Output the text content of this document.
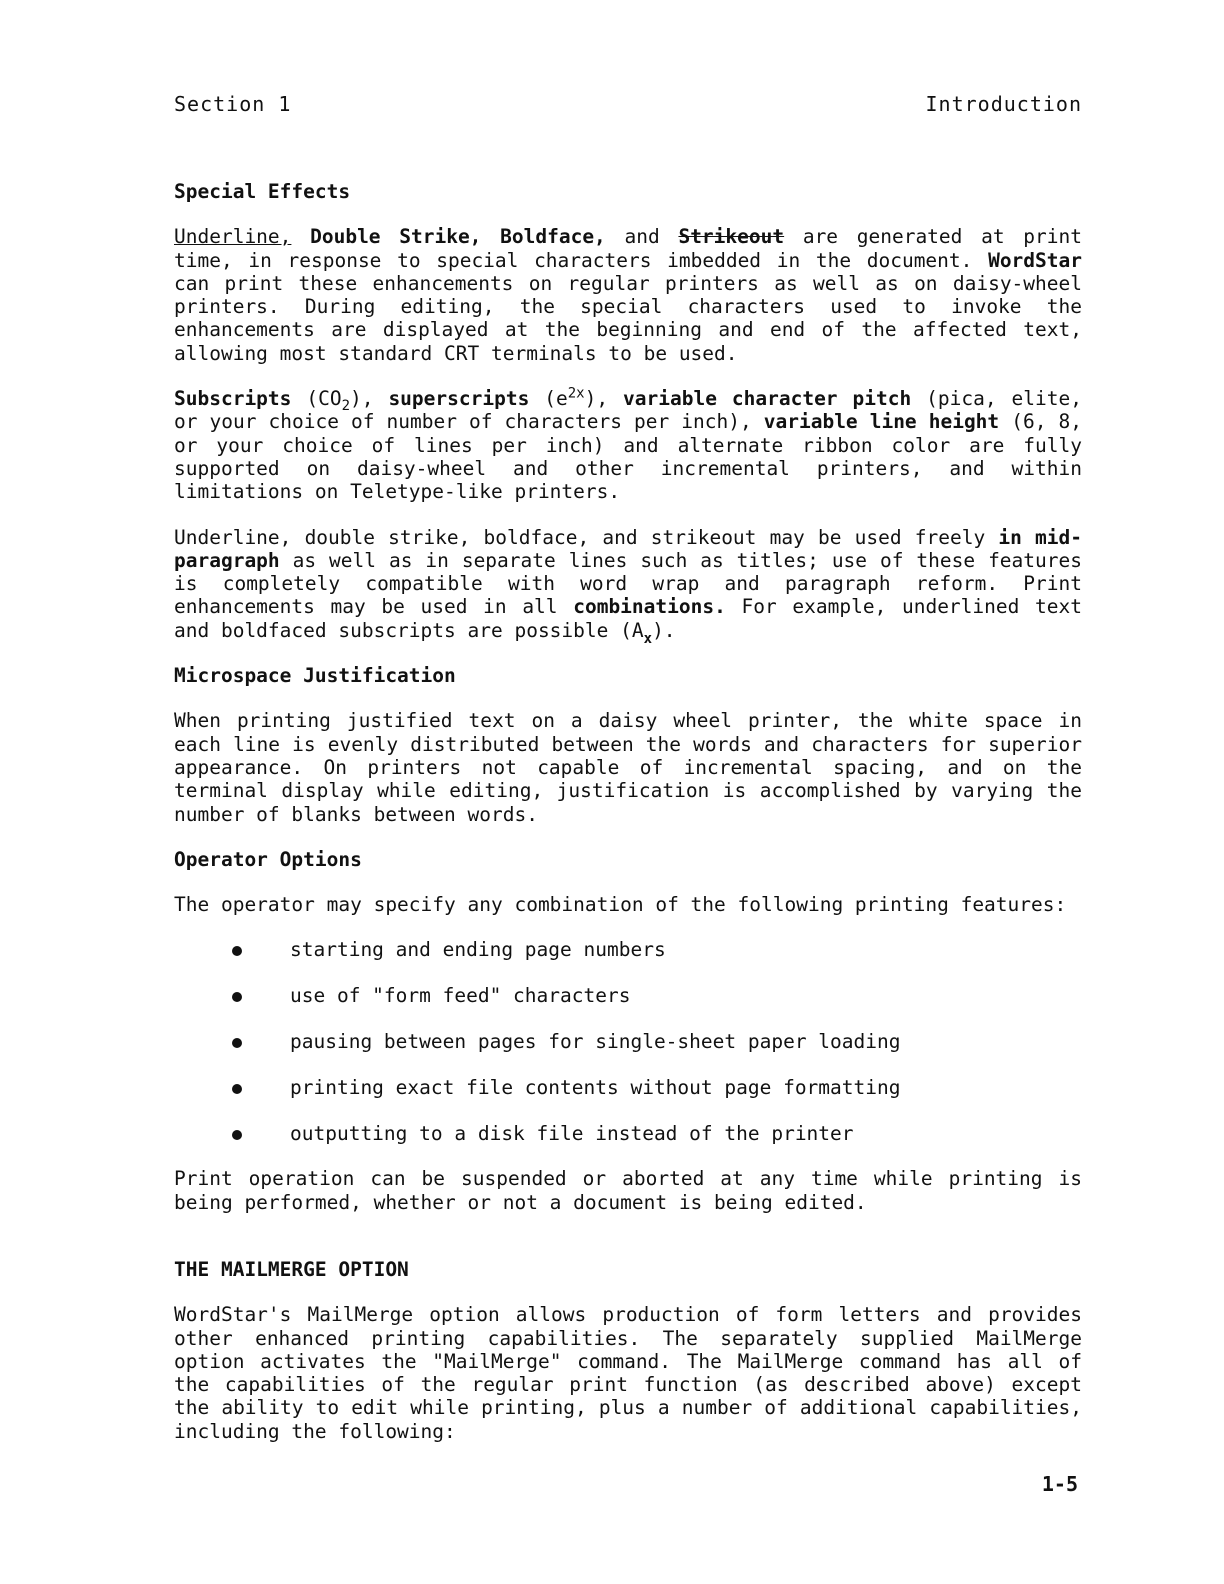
Section 1	Introduction
Special Effects

Underline, Double Strike, Boldface, and Strikeout are generated at print time, in response to special characters imbedded in the document. WordStar can print these enhancements on regular printers as well as on daisy-wheel printers. During editing, the special characters used to invoke the enhancements are displayed at the beginning and end of the affected text, allowing most standard CRT terminals to be used.

Subscripts $(CO_2)$, superscripts $(e^{2x})$, variable character pitch (pica, elite, or your choice of number of characters per inch), variable line height (6, 8, or your choice of lines per inch) and alternate ribbon color are fully supported on daisy-wheel and other incremental printers, and within limitations on Teletype-like printers.

Underline, double strike, boldface, and strikeout may be used freely in mid-paragraph as well as in separate lines such as titles; use of these features is completely compatible with word wrap and paragraph reform. Print enhancements may be used in all combinations. For example, underlined text and boldfaced subscripts are possible $(A_x)$.

Microspace Justification

When printing justified text on a daisy wheel printer, the white space in each line is evenly distributed between the words and characters for superior appearance. On printers not capable of incremental spacing, and on the terminal display while editing, justification is accomplished by varying the number of blanks between words.

Operator Options

The operator may specify any combination of the following printing features:

starting and ending page numbers
use of "form feed" characters
pausing between pages for single-sheet paper loading
printing exact file contents without page formatting
outputting to a disk file instead of the printer

Print operation can be suspended or aborted at any time while printing is being performed, whether or not a document is being edited.

THE MAILMERGE OPTION

WordStar's MailMerge option allows production of form letters and provides other enhanced printing capabilities. The separately supplied MailMerge option activates the "MailMerge" command. The MailMerge command has all of the capabilities of the regular print function (as described above) except the ability to edit while printing, plus a number of additional capabilities, including the following:

1-5
